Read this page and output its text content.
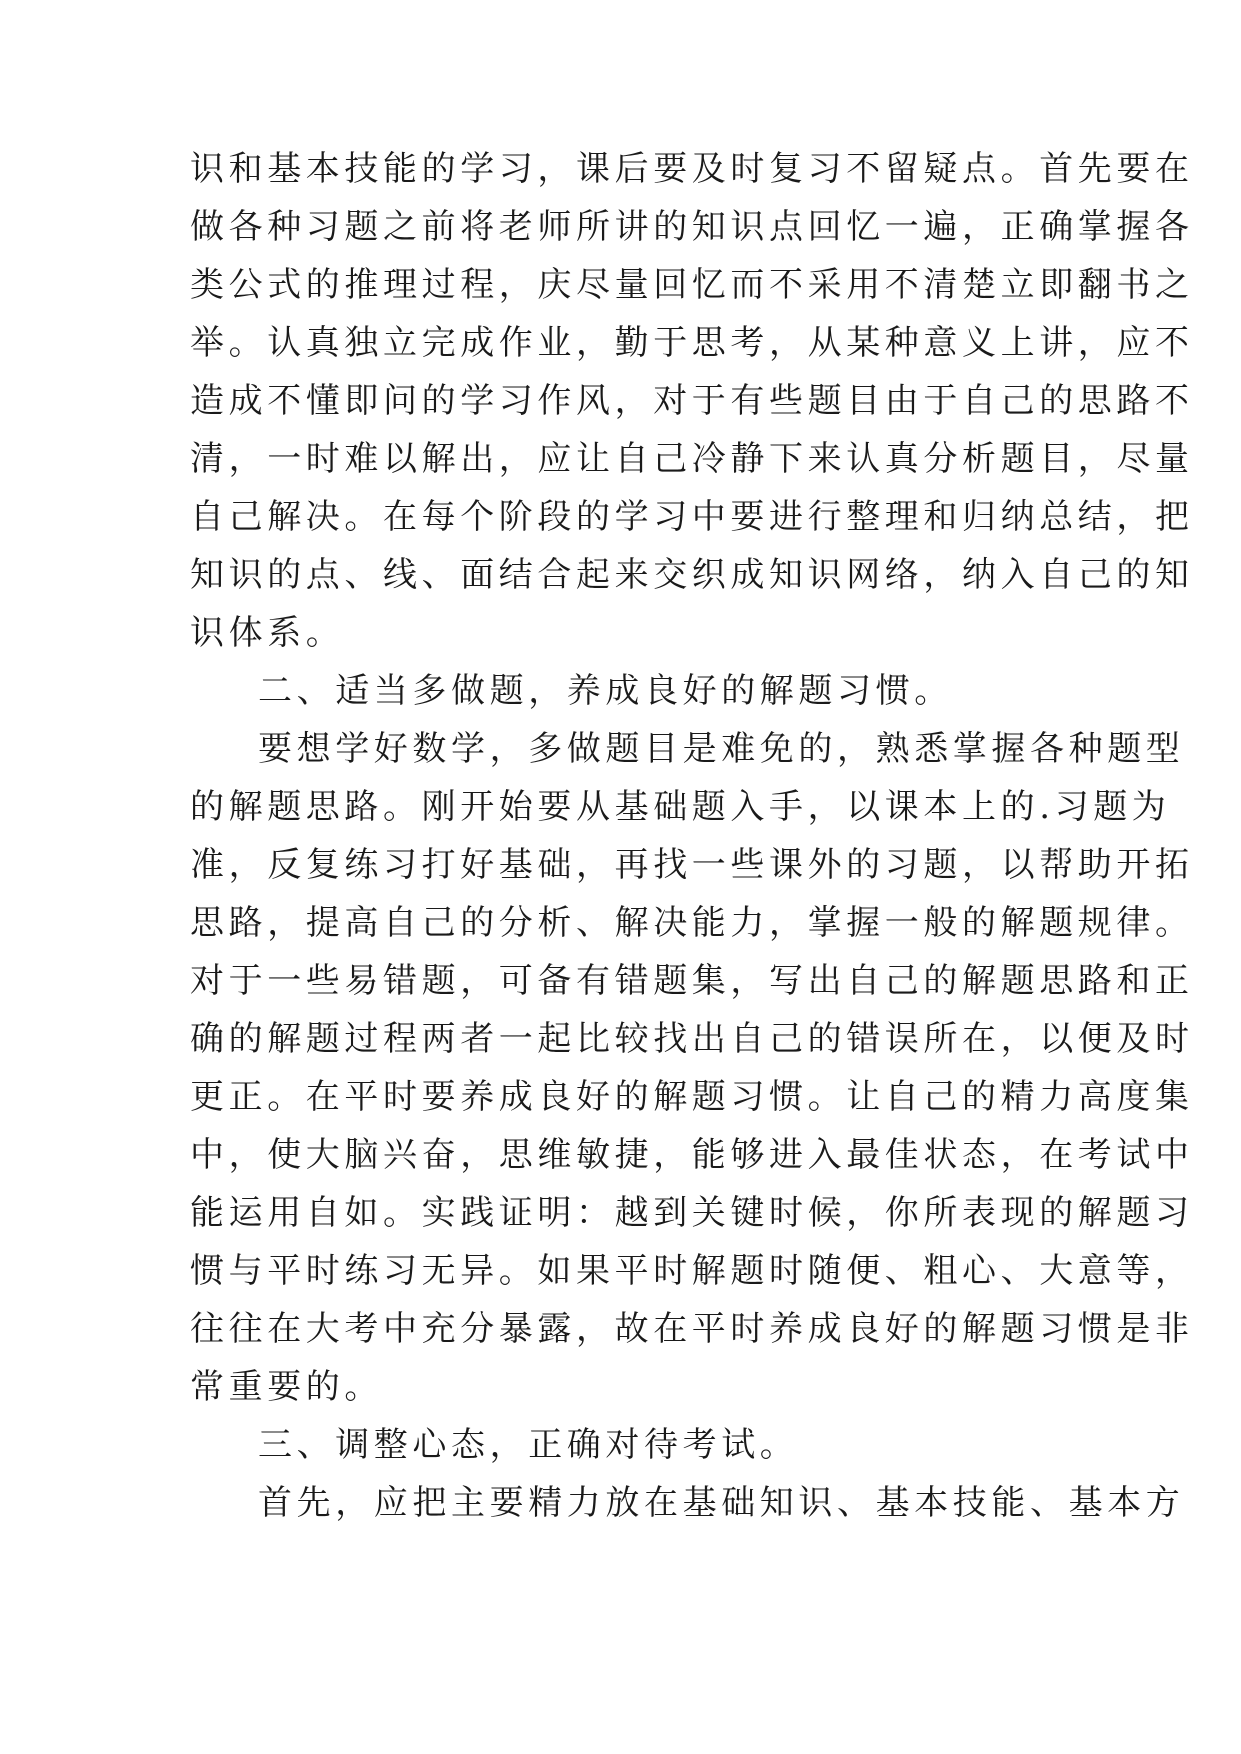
识和基本技能的学习，课后要及时复习不留疑点。首先要在
做各种习题之前将老师所讲的知识点回忆一遍，正确掌握各
类公式的推理过程，庆尽量回忆而不采用不清楚立即翻书之
举。认真独立完成作业，勤于思考，从某种意义上讲，应不
造成不懂即问的学习作风，对于有些题目由于自己的思路不
清，一时难以解出，应让自己冷静下来认真分析题目，尽量
自己解决。在每个阶段的学习中要进行整理和归纳总结，把
知识的点、线、面结合起来交织成知识网络，纳入自己的知
识体系。
二、适当多做题，养成良好的解题习惯。
要想学好数学，多做题目是难免的，熟悉掌握各种题型
的解题思路。刚开始要从基础题入手，以课本上的.习题为
准，反复练习打好基础，再找一些课外的习题，以帮助开拓
思路，提高自己的分析、解决能力，掌握一般的解题规律。
对于一些易错题，可备有错题集，写出自己的解题思路和正
确的解题过程两者一起比较找出自己的错误所在，以便及时
更正。在平时要养成良好的解题习惯。让自己的精力高度集
中，使大脑兴奋，思维敏捷，能够进入最佳状态，在考试中
能运用自如。实践证明：越到关键时候，你所表现的解题习
惯与平时练习无异。如果平时解题时随便、粗心、大意等，
往往在大考中充分暴露，故在平时养成良好的解题习惯是非
常重要的。
三、调整心态，正确对待考试。
首先，应把主要精力放在基础知识、基本技能、基本方
